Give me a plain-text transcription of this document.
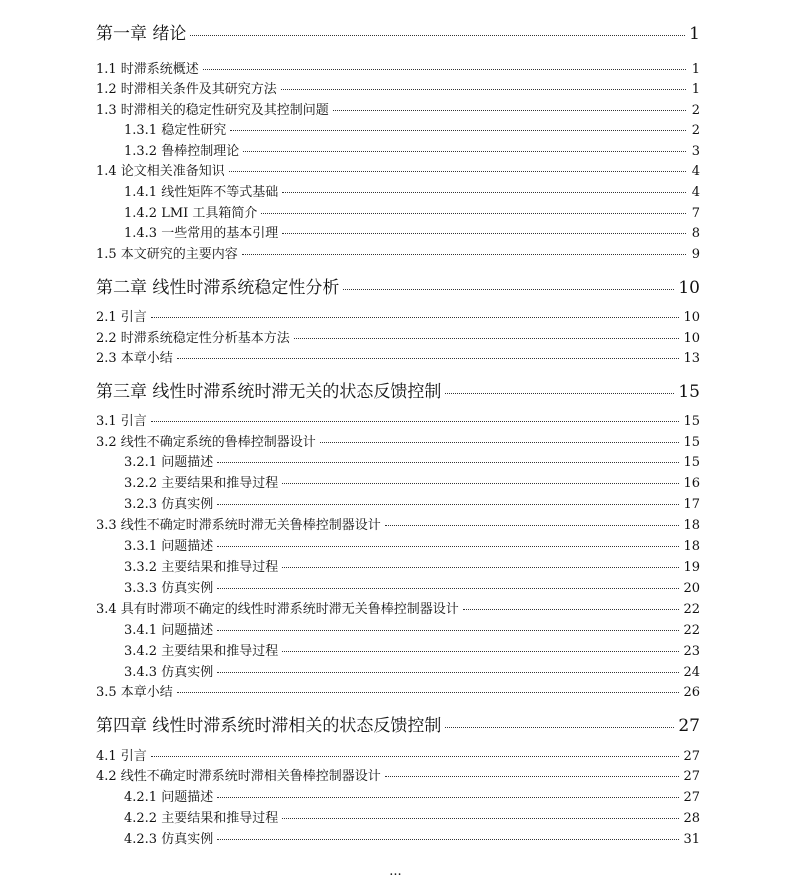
第一章 绪论	1
1.1 时滞系统概述	1
1.2 时滞相关条件及其研究方法	1
1.3 时滞相关的稳定性研究及其控制问题	2
1.3.1 稳定性研究	2
1.3.2 鲁棒控制理论	3
1.4 论文相关准备知识	4
1.4.1 线性矩阵不等式基础	4
1.4.2 LMI 工具箱简介	7
1.4.3 一些常用的基本引理	8
1.5 本文研究的主要内容	9
第二章 线性时滞系统稳定性分析	10
2.1 引言	10
2.2 时滞系统稳定性分析基本方法	10
2.3 本章小结	13
第三章 线性时滞系统时滞无关的状态反馈控制	15
3.1 引言	15
3.2 线性不确定系统的鲁棒控制器设计	15
3.2.1 问题描述	15
3.2.2 主要结果和推导过程	16
3.2.3 仿真实例	17
3.3 线性不确定时滞系统时滞无关鲁棒控制器设计	18
3.3.1 问题描述	18
3.3.2 主要结果和推导过程	19
3.3.3 仿真实例	20
3.4 具有时滞项不确定的线性时滞系统时滞无关鲁棒控制器设计	22
3.4.1 问题描述	22
3.4.2 主要结果和推导过程	23
3.4.3 仿真实例	24
3.5 本章小结	26
第四章 线性时滞系统时滞相关的状态反馈控制	27
4.1 引言	27
4.2 线性不确定时滞系统时滞相关鲁棒控制器设计	27
4.2.1 问题描述	27
4.2.2 主要结果和推导过程	28
4.2.3 仿真实例	31
...
